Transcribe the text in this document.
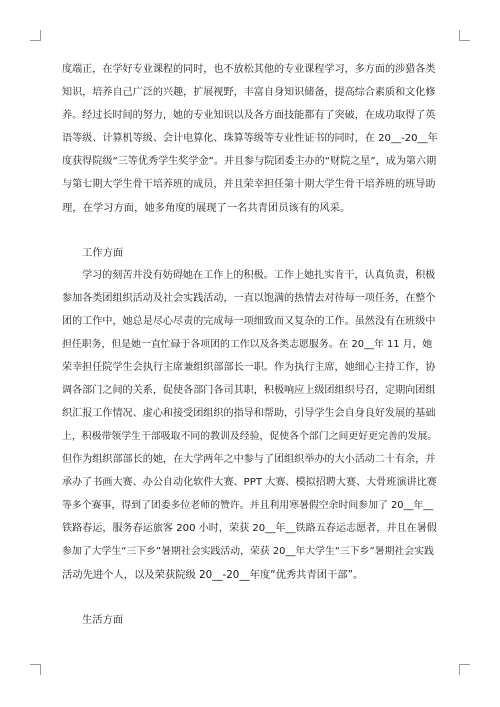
度端正，在学好专业课程的同时，也不放松其他的专业课程学习，多方面的涉猎各类
知识，培养自己广泛的兴趣，扩展视野，丰富自身知识储备，提高综合素质和文化修
养。经过长时间的努力，她的专业知识以及各方面技能都有了突破，在成功取得了英
语等级、计算机等级、会计电算化、珠算等级等专业性证书的同时，在 20__-20__年
度获得院级“三等优秀学生奖学金”。并且参与院团委主办的“财院之星”，成为第六期
与第七期大学生骨干培养班的成员，并且荣幸担任第十期大学生骨干培养班的班导助
理，在学习方面，她多角度的展现了一名共青团员该有的风采。
工作方面
学习的刻苦并没有妨碍她在工作上的积极。工作上她扎实肯干，认真负责，积极
参加各类团组织活动及社会实践活动，一直以饱满的热情去对待每一项任务，在整个
团的工作中，她总是尽心尽责的完成每一项细致而又复杂的工作。虽然没有在班级中
担任职务，但是她一直忙碌于各项团的工作以及各类志愿服务。在 20__年 11 月，她
荣幸担任院学生会执行主席兼组织部部长一职。作为执行主席，她细心主持工作，协
调各部门之间的关系，促使各部门各司其职，积极响应上级团组织号召，定期向团组
织汇报工作情况、虚心和接受团组织的指导和帮助，引导学生会自身良好发展的基础
上，积极带领学生干部吸取不同的教训及经验，促使各个部门之间更好更完善的发展。
但作为组织部部长的她，在大学两年之中参与了团组织举办的大小活动二十有余，并
承办了书画大赛、办公自动化软件大赛、PPT 大赛、模拟招聘大赛、大骨班演讲比赛
等多个赛事，得到了团委多位老师的赞许。并且利用寒暑假空余时间参加了 20__年__
铁路春运，服务春运旅客 200 小时，荣获 20__年__铁路五春运志愿者，并且在暑假
参加了大学生“三下乡”暑期社会实践活动，荣获 20__年大学生“三下乡”暑期社会实践
活动先进个人，以及荣获院级 20__-20__年度“优秀共青团干部”。
生活方面
